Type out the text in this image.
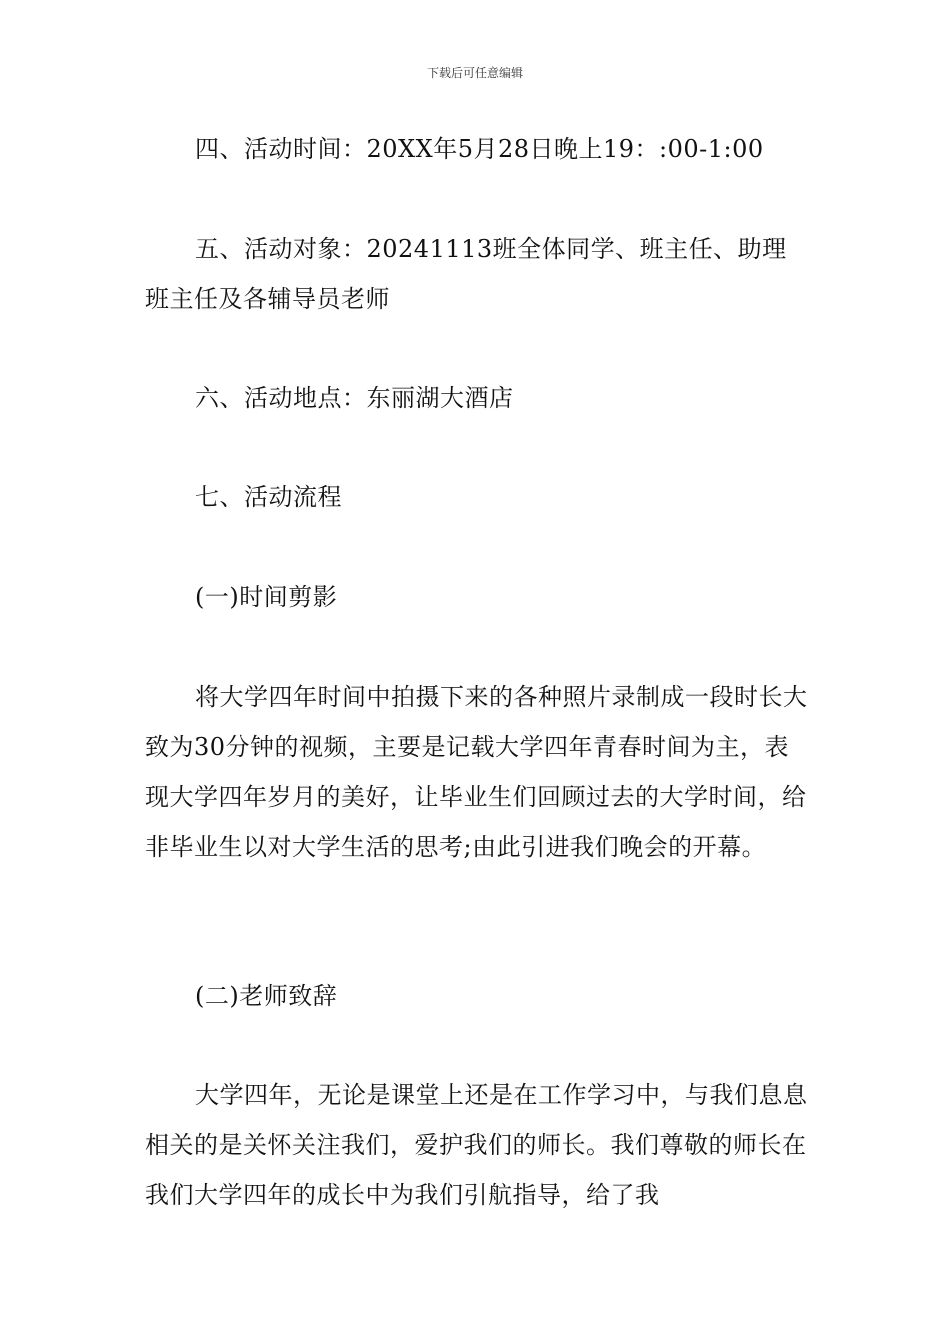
下载后可任意编辑

四、活动时间：20XX年5月28日晚上19：:00-1:00

五、活动对象：20241113班全体同学、班主任、助理班主任及各辅导员老师

六、活动地点：东丽湖大酒店

七、活动流程

(一)时间剪影

将大学四年时间中拍摄下来的各种照片录制成一段时长大致为30分钟的视频，主要是记载大学四年青春时间为主，表现大学四年岁月的美好，让毕业生们回顾过去的大学时间，给非毕业生以对大学生活的思考;由此引进我们晚会的开幕。

(二)老师致辞

大学四年，无论是课堂上还是在工作学习中，与我们息息相关的是关怀关注我们，爱护我们的师长。我们尊敬的师长在我们大学四年的成长中为我们引航指导，给了我
